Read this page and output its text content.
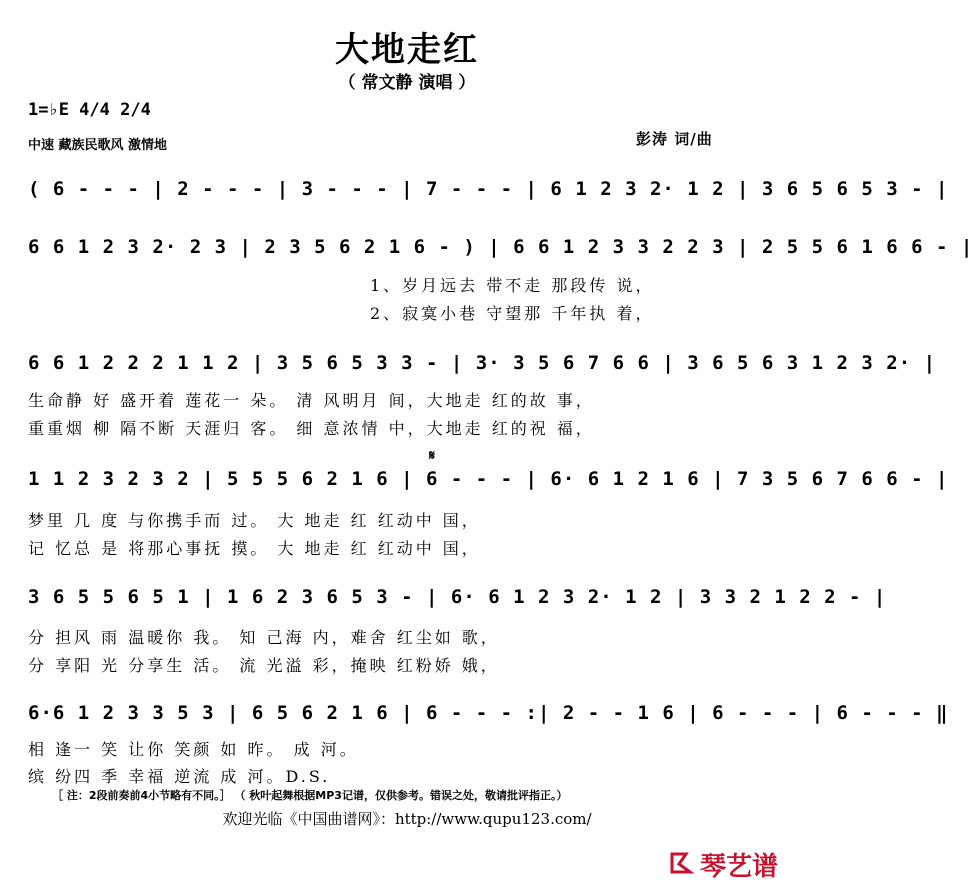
大地走红
（ 常文静 演唱 ）
1=♭E 4/4 2/4
中速 藏族民歌风 激情地	彭涛 词/曲
𝄋
( 6 - - - | 2 - - - | 3 - - - | 7 - - - | 6 1 2 3 2· 1 2 | 3 6 5 6 5 3 - |
6 6 1 2 3 2· 2 3 | 2 3 5 6 2 1 6 - ) | 6 6 1 2 3 3 2 2 3 | 2 5 5 6 1 6 6 - |
1、岁月远去 带不走 那段传 说，
2、寂寞小巷 守望那 千年执 着，
6 6 1 2 2 2 1 1 2 | 3 5 6 5 3 3 - | 3· 3 5 6 7 6 6 | 3 6 5 6 3 1 2 3 2· |
生命静 好 盛开着 莲花一 朵。 清 风明月 间，大地走 红的故 事，
重重烟 柳 隔不断 天涯归 客。 细 意浓情 中，大地走 红的祝 福，
1 1 2 3 2 3 2 | 5 5 5 6 2 1 6 | 6 - - - | 6· 6 1 2 1 6 | 7 3 5 6 7 6 6 - |
梦里 几 度 与你携手而 过。 大 地走 红 红动中 国，
记 忆总 是 将那心事抚 摸。 大 地走 红 红动中 国，
3 6 5 5 6 5 1 | 1 6 2 3 6 5 3 - | 6· 6 1 2 3 2· 1 2 | 3 3 2 1 2 2 - |
分 担风 雨 温暖你 我。 知 己海 内，难舍 红尘如 歌，
分 享阳 光 分享生 活。 流 光溢 彩，掩映 红粉娇 娥，
6·6 1 2 3 3 5 3 | 6 5 6 2 1 6 | 6 - - - :| 2 - - 1 6 | 6 - - - | 6 - - - ‖
相 逢一 笑 让你 笑颜 如 昨。 成 河。
缤 纷四 季 幸福 逆流 成 河。D.S.
［ 注：2段前奏前4小节略有不同。］ （ 秋叶起舞根据MP3记谱，仅供参考。错误之处，敬请批评指正。）
欢迎光临《中国曲谱网》：http://www.qupu123.com/
琴艺谱
